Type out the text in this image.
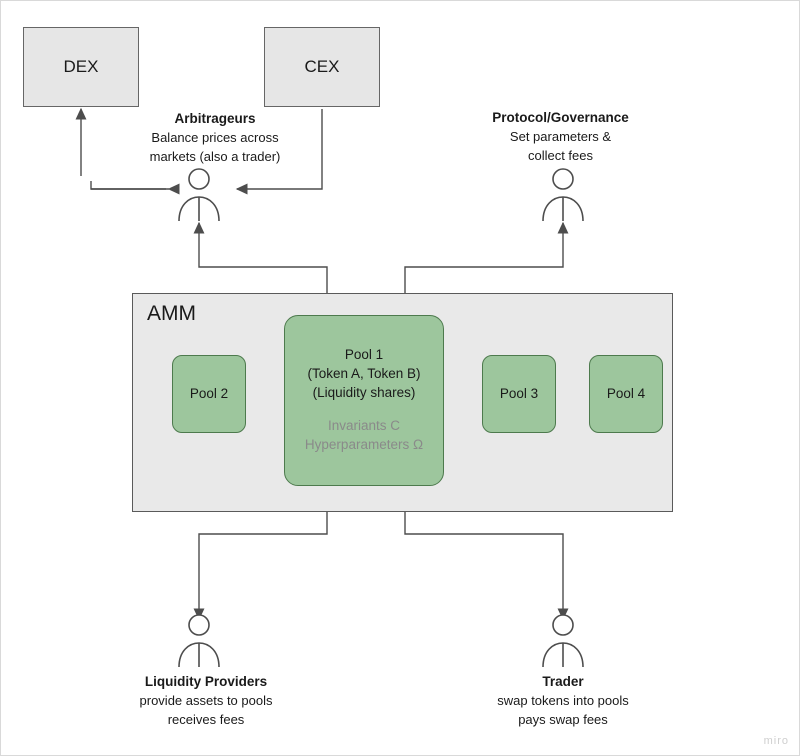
DEX	CEX
AMM
Pool 1
(Token A, Token B)
(Liquidity shares)
Invariants C
Hyperparameters Ω
Pool 2	Pool 3	Pool 4
Arbitrageurs
Balance prices across
markets (also a trader)
Protocol/Governance
Set parameters &
collect fees
Liquidity Providers
provide assets to pools
receives fees
Trader
swap tokens into pools
pays swap fees
miro
